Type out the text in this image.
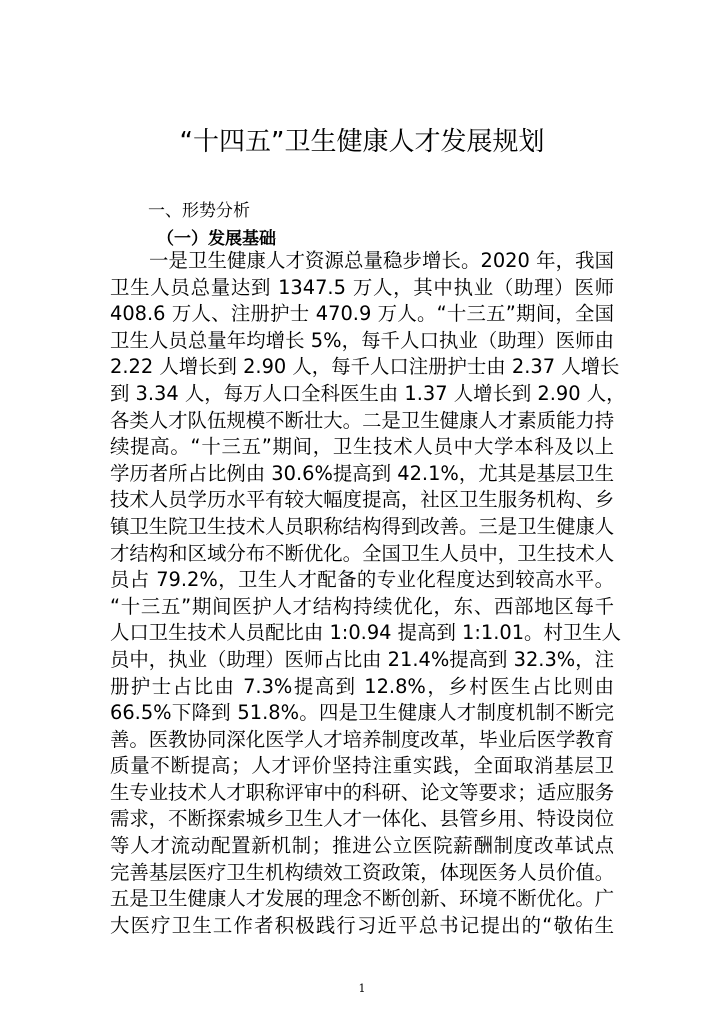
“十四五”卫生健康人才发展规划
一、形势分析
（一）发展基础
一是卫生健康人才资源总量稳步增长。2020 年，我国
卫生人员总量达到 1347.5 万人，其中执业（助理）医师
408.6 万人、注册护士 470.9 万人。“十三五”期间，全国
卫生人员总量年均增长 5%，每千人口执业（助理）医师由
2.22 人增长到 2.90 人，每千人口注册护士由 2.37 人增长
到 3.34 人，每万人口全科医生由 1.37 人增长到 2.90 人，
各类人才队伍规模不断壮大。二是卫生健康人才素质能力持
续提高。“十三五”期间，卫生技术人员中大学本科及以上
学历者所占比例由 30.6%提高到 42.1%，尤其是基层卫生
技术人员学历水平有较大幅度提高，社区卫生服务机构、乡
镇卫生院卫生技术人员职称结构得到改善。三是卫生健康人
才结构和区域分布不断优化。全国卫生人员中，卫生技术人
员占 79.2%，卫生人才配备的专业化程度达到较高水平。
“十三五”期间医护人才结构持续优化，东、西部地区每千
人口卫生技术人员配比由 1:0.94 提高到 1:1.01。村卫生人
员中，执业（助理）医师占比由 21.4%提高到 32.3%，注
册护士占比由 7.3%提高到 12.8%，乡村医生占比则由
66.5%下降到 51.8%。四是卫生健康人才制度机制不断完
善。医教协同深化医学人才培养制度改革，毕业后医学教育
质量不断提高；人才评价坚持注重实践，全面取消基层卫
生专业技术人才职称评审中的科研、论文等要求；适应服务
需求，不断探索城乡卫生人才一体化、县管乡用、特设岗位
等人才流动配置新机制；推进公立医院薪酬制度改革试点
完善基层医疗卫生机构绩效工资政策，体现医务人员价值。
五是卫生健康人才发展的理念不断创新、环境不断优化。广
大医疗卫生工作者积极践行习近平总书记提出的“敬佑生
1
